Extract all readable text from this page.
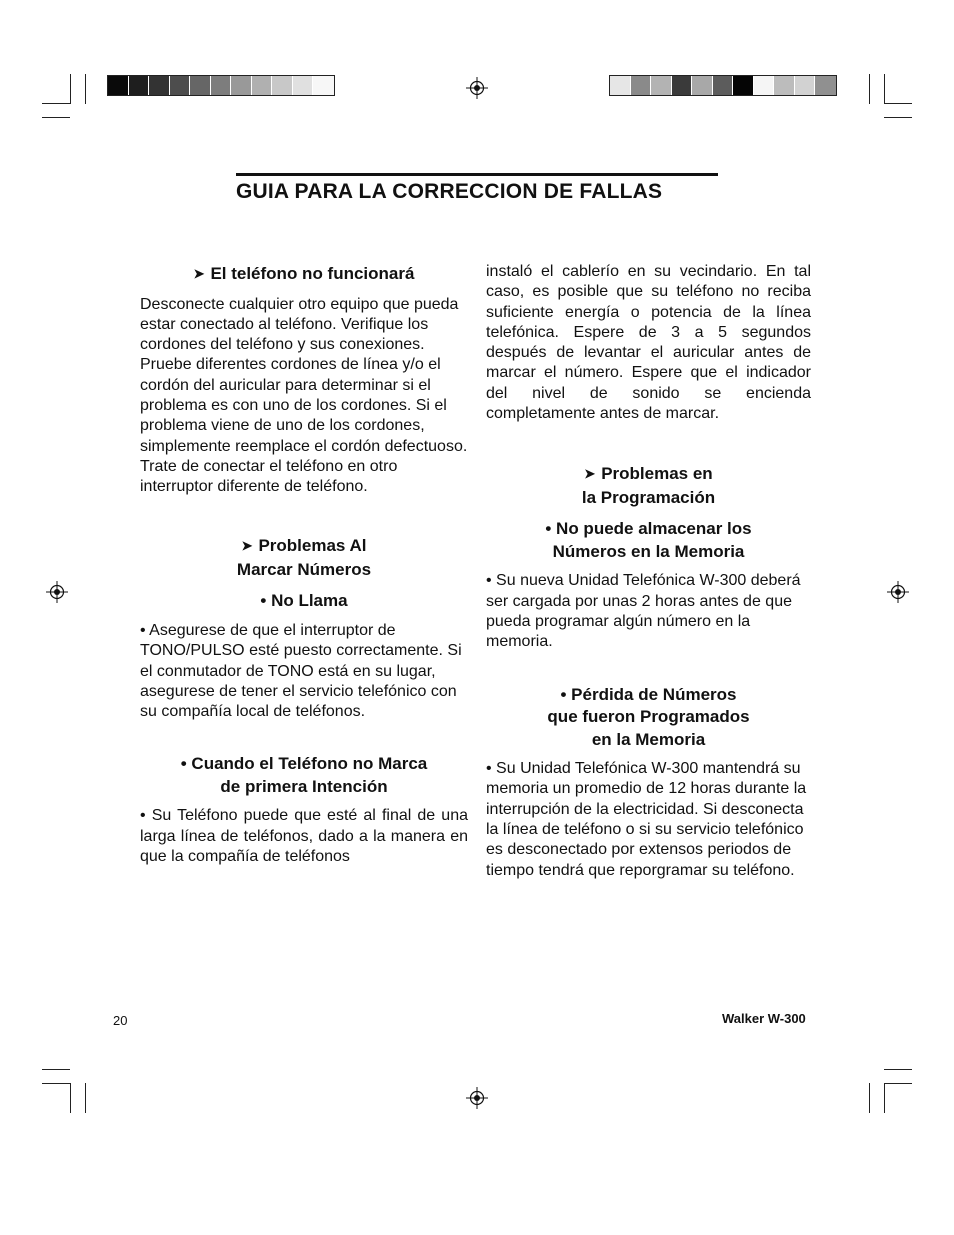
GUIA PARA LA CORRECCION DE FALLAS

➤ El teléfono no funcionará

Desconecte cualquier otro equipo que pueda estar conectado al teléfono. Verifique los cordones del teléfono y sus conexiones. Pruebe diferentes cordones de línea y/o el cordón del auricular para determinar si el problema es con uno de los cordones. Si el problema viene de uno de los cordones, simplemente reemplace el cordón defectuoso. Trate de conectar el teléfono en otro interruptor diferente de teléfono.

➤ Problemas Al

Marcar Números

• No Llama

• Asegurese de que el interruptor de TONO/PULSO esté puesto correctamente. Si el conmutador de TONO está en su lugar, asegurese de tener el servicio telefónico con su compañía local de teléfonos.

• Cuando el Teléfono no Marca

de primera Intención

• Su Teléfono puede que esté al final de una larga línea de teléfonos, dado a la manera en que la compañía de teléfonos

instaló el cablerío en su vecindario. En tal caso, es posible que su teléfono no reciba suficiente energía o potencia de la línea telefónica. Espere de 3 a 5 segundos después de levantar el auricular antes de marcar el número. Espere que el indicador del nivel de sonido se encienda completamente antes de marcar.

➤ Problemas en

la Programación

• No puede almacenar los

Números en la Memoria

• Su nueva Unidad Telefónica W-300 deberá ser cargada por unas 2 horas antes de que pueda programar algún número en la memoria.

• Pérdida de Números

que fueron Programados

en la Memoria

• Su Unidad Telefónica W-300 mantendrá su memoria un promedio de 12 horas durante la interrupción de la electricidad. Si desconecta la línea de teléfono o si su servicio telefónico es desconectado por extensos periodos de tiempo tendrá que reporgramar su teléfono.

20	Walker W-300
